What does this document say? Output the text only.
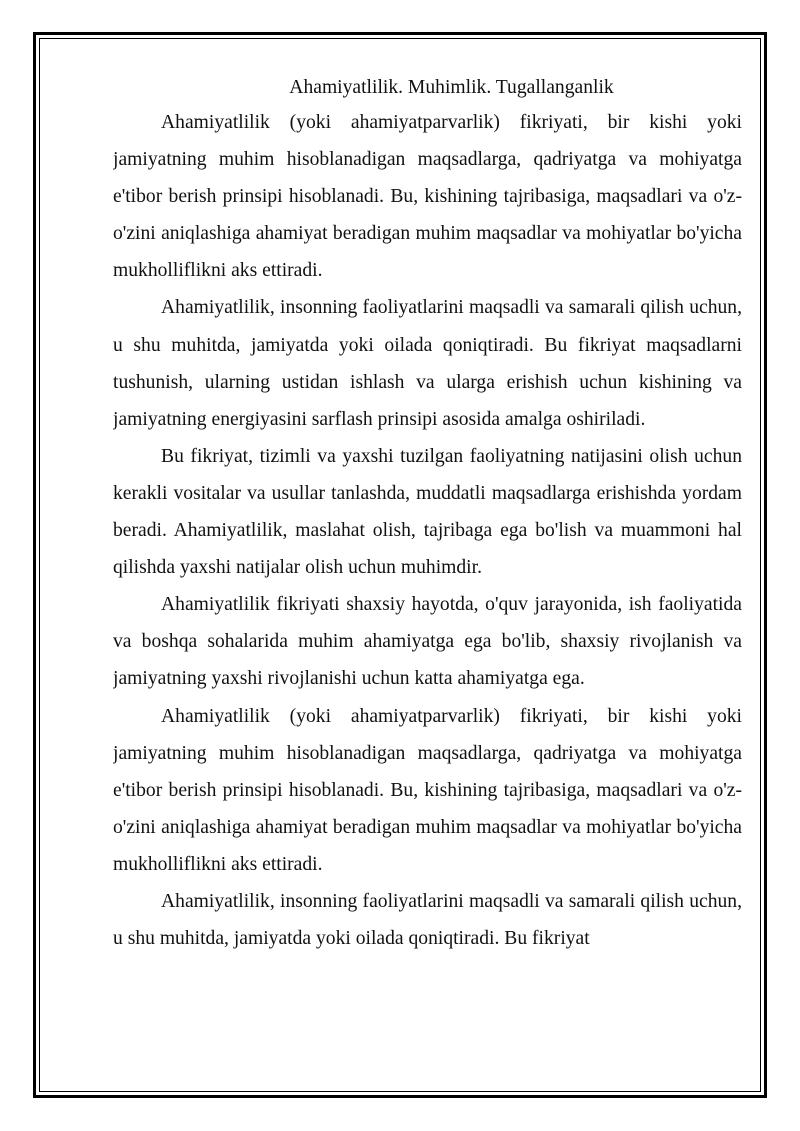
Ahamiyatlilik. Muhimlik. Tugallanganlik

Ahamiyatlilik (yoki ahamiyatparvarlik) fikriyati, bir kishi yoki jamiyatning muhim hisoblanadigan maqsadlarga, qadriyatga va mohiyatga e'tibor berish prinsipi hisoblanadi. Bu, kishining tajribasiga, maqsadlari va o'z-o'zini aniqlashiga ahamiyat beradigan muhim maqsadlar va mohiyatlar bo'yicha mukholliflikni aks ettiradi.

Ahamiyatlilik, insonning faoliyatlarini maqsadli va samarali qilish uchun, u shu muhitda, jamiyatda yoki oilada qoniqtiradi. Bu fikriyat maqsadlarni tushunish, ularning ustidan ishlash va ularga erishish uchun kishining va jamiyatning energiyasini sarflash prinsipi asosida amalga oshiriladi.

Bu fikriyat, tizimli va yaxshi tuzilgan faoliyatning natijasini olish uchun kerakli vositalar va usullar tanlashda, muddatli maqsadlarga erishishda yordam beradi. Ahamiyatlilik, maslahat olish, tajribaga ega bo'lish va muammoni hal qilishda yaxshi natijalar olish uchun muhimdir.

Ahamiyatlilik fikriyati shaxsiy hayotda, o'quv jarayonida, ish faoliyatida va boshqa sohalarida muhim ahamiyatga ega bo'lib, shaxsiy rivojlanish va jamiyatning yaxshi rivojlanishi uchun katta ahamiyatga ega.

Ahamiyatlilik (yoki ahamiyatparvarlik) fikriyati, bir kishi yoki jamiyatning muhim hisoblanadigan maqsadlarga, qadriyatga va mohiyatga e'tibor berish prinsipi hisoblanadi. Bu, kishining tajribasiga, maqsadlari va o'z-o'zini aniqlashiga ahamiyat beradigan muhim maqsadlar va mohiyatlar bo'yicha mukholliflikni aks ettiradi.

Ahamiyatlilik, insonning faoliyatlarini maqsadli va samarali qilish uchun, u shu muhitda, jamiyatda yoki oilada qoniqtiradi. Bu fikriyat
